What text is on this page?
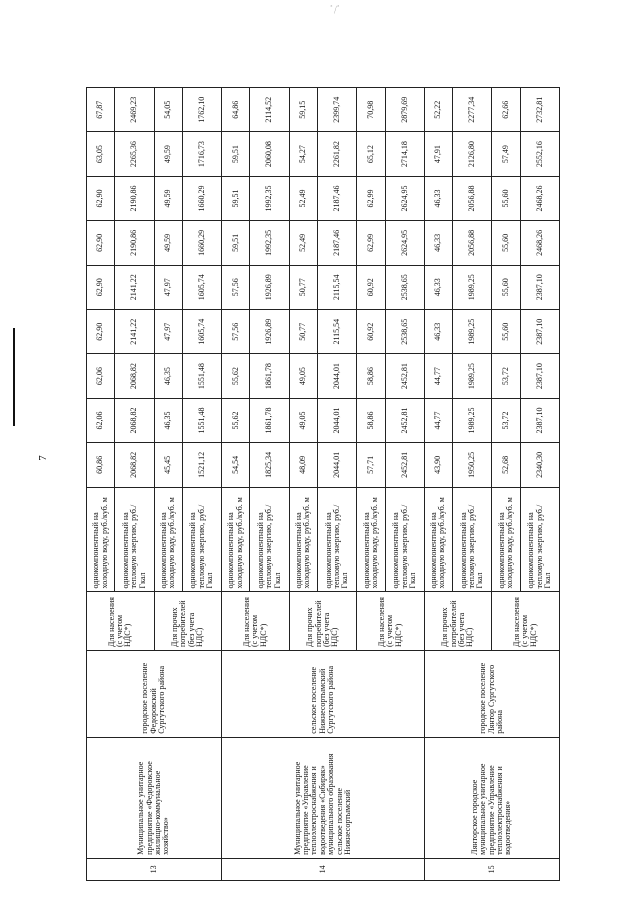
ﾞ/ﾞ
7
13	Муниципальное унитарное предприятие «Федоровское жилищно-коммунальное хозяйство»	городское поселение Федоровский Сургутского района	Для населения (с учетом НДС*)	однокомпонентный на холодную воду, руб./куб. м	60,86	62,06	62,06	62,90	62,90	62,90	62,90	63,05	67,87
				однокомпонентный на тепловую энергию, руб./ Гкал	2068,82	2068,82	2068,82	2141,22	2141,22	2190,86	2190,86	2265,36	2469,23
			Для прочих потребителей (без учета НДС)	однокомпонентный на холодную воду, руб./куб. м	45,45	46,35	46,35	47,97	47,97	49,59	49,59	49,59	54,05
				однокомпонентный на тепловую энергию, руб./ Гкал	1521,12	1551,48	1551,48	1605,74	1605,74	1660,29	1660,29	1716,73	1762,10
14	Муниципальное унитарное предприятие «Управление теплоэлектроснабжения и водоотведения «Сибиряк» муниципального образования сельское поселение Нижнесортымский	сельское поселение Нижнесортымский Сургутского района	Для населения (с учетом НДС*)	однокомпонентный на холодную воду, руб./куб. м	54,54	55,62	55,62	57,56	57,56	59,51	59,51	59,51	64,86
				однокомпонентный на тепловую энергию, руб./ Гкал	1825,34	1861,78	1861,78	1926,89	1926,89	1992,35	1992,35	2060,08	2114,52
			Для прочих потребителей (без учета НДС)	однокомпонентный на холодную воду, руб./куб. м	48,09	49,05	49,05	50,77	50,77	52,49	52,49	54,27	59,15
				однокомпонентный на тепловую энергию, руб./ Гкал	2044,01	2044,01	2044,01	2115,54	2115,54	2187,46	2187,46	2261,82	2399,74
			Для населения (с учетом НДС*)	однокомпонентный на холодную воду, руб./куб. м	57,71	58,86	58,86	60,92	60,92	62,99	62,99	65,12	70,98
				однокомпонентный на тепловую энергию, руб./ Гкал	2452,81	2452,81	2452,81	2538,65	2538,65	2624,95	2624,95	2714,18	2879,69
15	Лянторское городское муниципальное унитарное предприятие «Управление теплоэлектроснабжения и водоотведения»	городское поселение Лянтор Сургутского района	Для прочих потребителей (без учета НДС)	однокомпонентный на холодную воду, руб./куб. м	43,90	44,77	44,77	46,33	46,33	46,33	46,33	47,91	52,22
				однокомпонентный на тепловую энергию, руб./ Гкал	1950,25	1989,25	1989,25	1989,25	1989,25	2056,88	2056,88	2126,80	2277,34
			Для населения (с учетом НДС*)	однокомпонентный на холодную воду, руб./куб. м	52,68	53,72	53,72	55,60	55,60	55,60	55,60	57,49	62,66
				однокомпонентный на тепловую энергию, руб./ Гкал	2340,30	2387,10	2387,10	2387,10	2387,10	2468,26	2468,26	2552,16	2732,81
